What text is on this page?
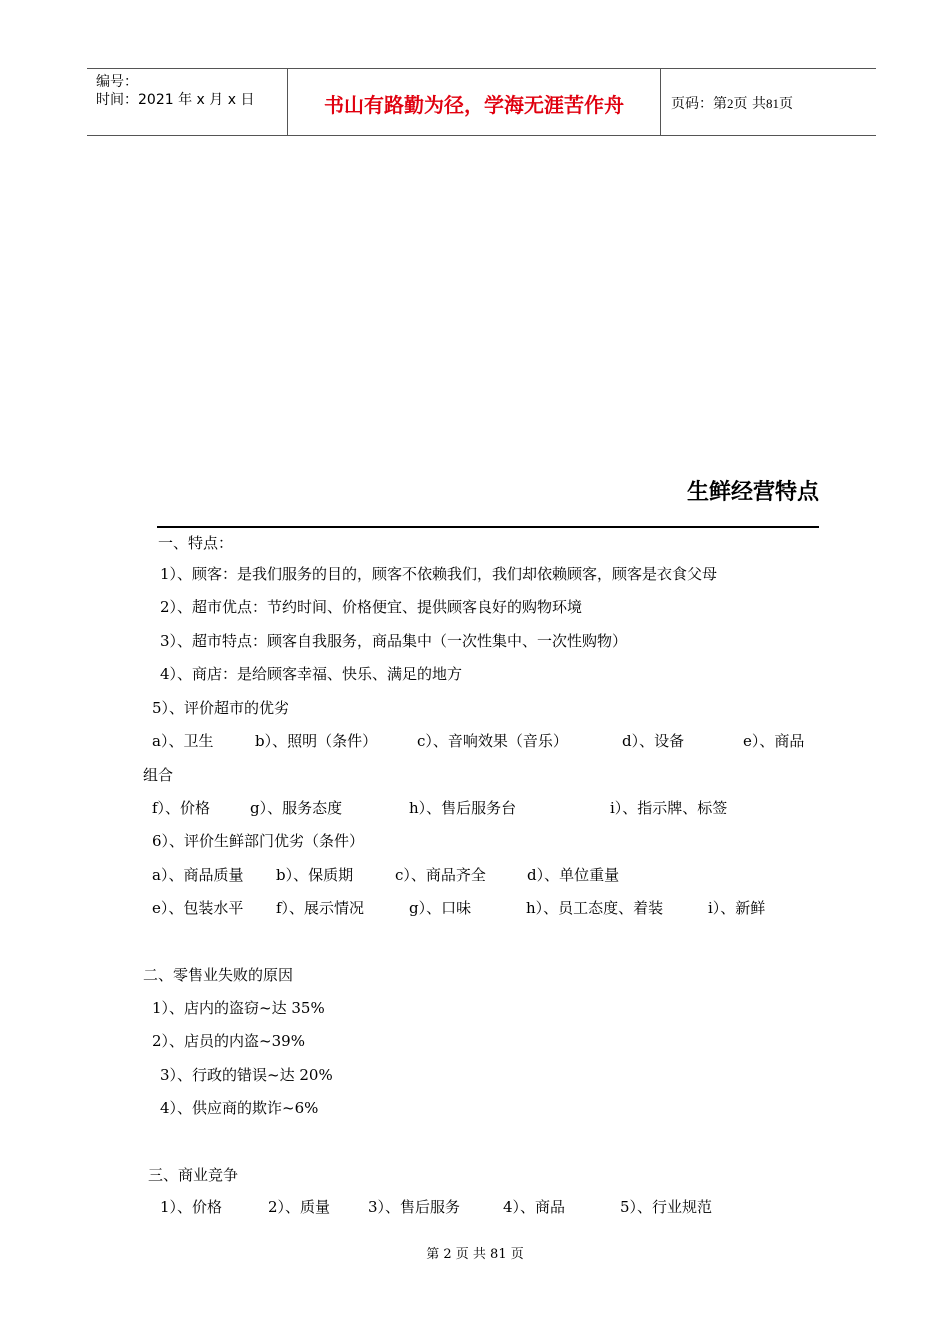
编号：
时间：2021 年 x 月 x 日	书山有路勤为径，学海无涯苦作舟	页码：第2页 共81页
生鲜经营特点
一、特点：
1）、顾客：是我们服务的目的，顾客不依赖我们，我们却依赖顾客，顾客是衣食父母
2）、超市优点：节约时间、价格便宜、提供顾客良好的购物环境
3）、超市特点：顾客自我服务，商品集中（一次性集中、一次性购物）
4）、商店：是给顾客幸福、快乐、满足的地方
5）、评价超市的优劣
a）、卫生	b）、照明（条件）	c）、音响效果（音乐）	d）、设备	e）、商品
组合
f）、价格	g）、服务态度	h）、售后服务台	i）、指示牌、标签
6）、评价生鲜部门优劣（条件）
a）、商品质量 b）、保质期	c）、商品齐全	d）、单位重量
e）、包装水平 f）、展示情况	g）、口味	h）、员工态度、着装	i）、新鲜
二、零售业失败的原因
1）、店内的盗窃~达 35%
2）、店员的内盗~39%
3）、行政的错误~达 20%
4）、供应商的欺诈~6%
三、商业竞争
1）、价格	2）、质量	3）、售后服务	4）、商品	5）、行业规范
第 2 页 共 81 页
